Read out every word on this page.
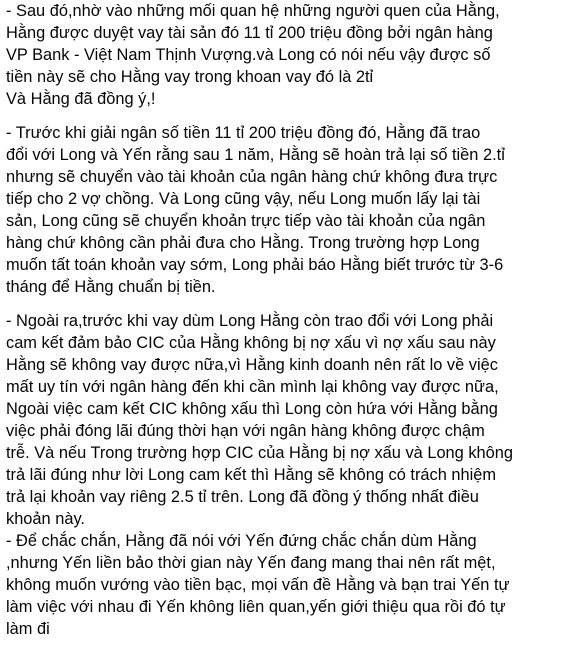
- Sau đó,nhờ vào những mối quan hệ những người quen của Hằng,
Hằng được duyệt vay tài sản đó 11 tỉ 200 triệu đồng bởi ngân hàng
VP Bank - Việt Nam Thịnh Vượng.và Long có nói nếu vậy được số
tiền này sẽ cho Hằng vay trong khoan vay đó là 2tỉ
Và Hằng đã đồng ý,!
- Trước khi giải ngân số tiền 11 tỉ 200 triệu đồng đó, Hằng đã trao
đổi với Long và Yến rằng sau 1 năm, Hằng sẽ hoàn trả lại số tiền 2.tỉ
nhưng sẽ chuyển vào tài khoản của ngân hàng chứ không đưa trực
tiếp cho 2 vợ chồng. Và Long cũng vậy, nếu Long muốn lấy lại tài
sản, Long cũng sẽ chuyển khoản trực tiếp vào tài khoản của ngân
hàng chứ không cần phải đưa cho Hằng. Trong trường hợp Long
muốn tất toán khoản vay sớm, Long phải báo Hằng biết trước từ 3-6
tháng để Hằng chuẩn bị tiền.
- Ngoài ra,trước khi vay dùm Long Hằng còn trao đổi với Long phải
cam kết đảm bảo CIC của Hằng không bị nợ xấu vì nợ xấu sau này
Hằng sẽ không vay được nữa,vì Hằng kinh doanh nên rất lo về việc
mất uy tín với ngân hàng đến khi cần mình lại không vay được nữa,
Ngoài việc cam kết CIC không xấu thì Long còn hứa với Hằng bằng
việc phải đóng lãi đúng thời hạn với ngân hàng không được chậm
trễ. Và nếu Trong trường hợp CIC của Hằng bị nợ xấu và Long không
trả lãi đúng như lời Long cam kết thì Hằng sẽ không có trách nhiệm
trả lại khoản vay riêng 2.5 tỉ trên. Long đã đồng ý thống nhất điều
khoản này.
- Để chắc chắn, Hằng đã nói với Yến đứng chắc chắn dùm Hằng
,nhưng Yến liền bảo thời gian này Yến đang mang thai nên rất mệt,
không muốn vướng vào tiền bạc, mọi vấn đề Hằng và bạn trai Yến tự
làm việc với nhau đi Yến không liên quan,yến giới thiệu qua rồi đó tự
làm đi
